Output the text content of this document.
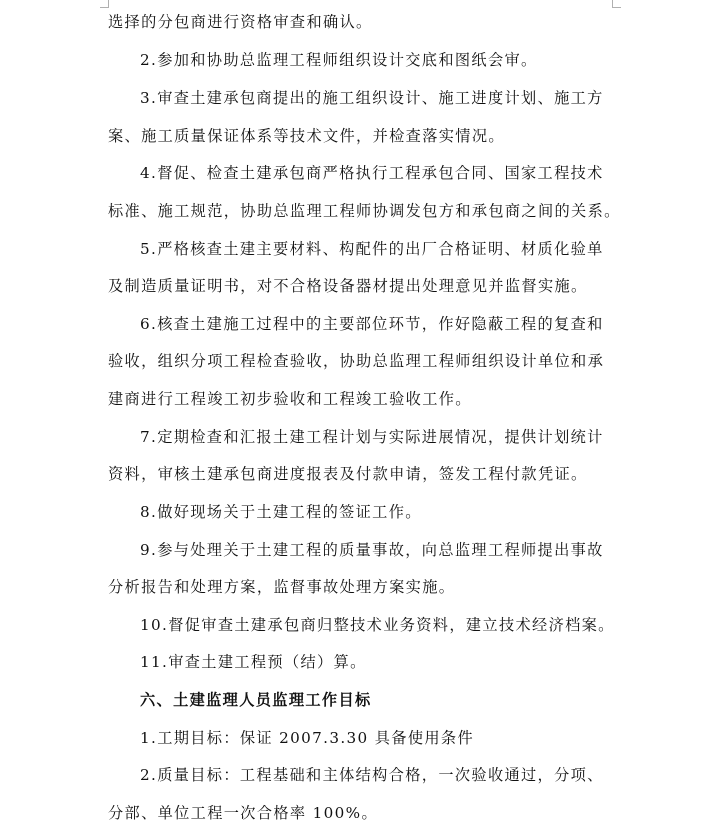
选择的分包商进行资格审查和确认。
2.参加和协助总监理工程师组织设计交底和图纸会审。
3.审查土建承包商提出的施工组织设计、施工进度计划、施工方
案、施工质量保证体系等技术文件，并检查落实情况。
4.督促、检查土建承包商严格执行工程承包合同、国家工程技术
标准、施工规范，协助总监理工程师协调发包方和承包商之间的关系。
5.严格核查土建主要材料、构配件的出厂合格证明、材质化验单
及制造质量证明书，对不合格设备器材提出处理意见并监督实施。
6.核查土建施工过程中的主要部位环节，作好隐蔽工程的复查和
验收，组织分项工程检查验收，协助总监理工程师组织设计单位和承
建商进行工程竣工初步验收和工程竣工验收工作。
7.定期检查和汇报土建工程计划与实际进展情况，提供计划统计
资料，审核土建承包商进度报表及付款申请，签发工程付款凭证。
8.做好现场关于土建工程的签证工作。
9.参与处理关于土建工程的质量事故，向总监理工程师提出事故
分析报告和处理方案，监督事故处理方案实施。
10.督促审查土建承包商归整技术业务资料，建立技术经济档案。
11.审查土建工程预（结）算。
六、土建监理人员监理工作目标
1.工期目标：保证 2007.3.30 具备使用条件
2.质量目标：工程基础和主体结构合格，一次验收通过，分项、
分部、单位工程一次合格率 100%。
